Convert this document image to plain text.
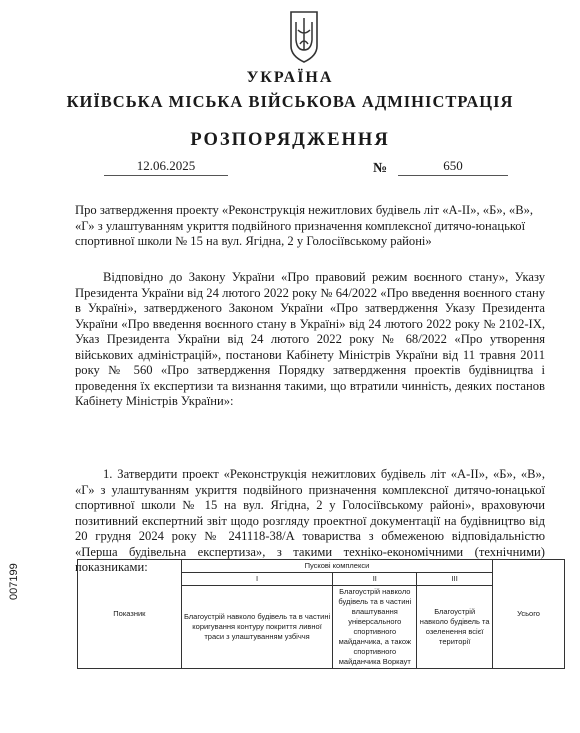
УКРАЇНА
КИЇВСЬКА МІСЬКА ВІЙСЬКОВА АДМІНІСТРАЦІЯ
РОЗПОРЯДЖЕННЯ
12.06.2025	№	650
Про затвердження проекту «Реконструкція нежитлових будівель літ «А-ІІ», «Б», «В», «Г» з улаштуванням укриття подвійного призначення комплексної дитячо-юнацької спортивної школи № 15 на вул. Ягідна, 2 у Голосіївському районі»
Відповідно до Закону України «Про правовий режим воєнного стану», Указу Президента України від 24 лютого 2022 року № 64/2022 «Про введення воєнного стану в Україні», затвердженого Законом України «Про затвердження Указу Президента України «Про введення воєнного стану в Україні» від 24 лютого 2022 року № 2102-IX, Указ Президента України від 24 лютого 2022 року № 68/2022 «Про утворення військових адміністрацій», постанови Кабінету Міністрів України від 11 травня 2011 року № 560 «Про затвердження Порядку затвердження проектів будівництва і проведення їх експертизи та визнання такими, що втратили чинність, деяких постанов Кабінету Міністрів України»:
1. Затвердити проект «Реконструкція нежитлових будівель літ «А-ІІ», «Б», «В», «Г» з улаштуванням укриття подвійного призначення комплексної дитячо-юнацької спортивної школи № 15 на вул. Ягідна, 2 у Голосіївському районі», враховуючи позитивний експертний звіт щодо розгляду проектної документації на будівництво від 20 грудня 2024 року № 241118-38/А товариства з обмеженою відповідальністю «Перша будівельна експертиза», з такими техніко-економічними (технічними) показниками:
007199
Показник	Пускові комплекси			Усього
	І	ІІ	ІІІ	
	Благоустрій навколо будівель та в частині коригування контуру покриття ливної траси з улаштуванням узбіччя	Благоустрій навколо будівель та в частині влаштування універсального спортивного майданчика, а також спортивного майданчика Воркаут	Благоустрій навколо будівель та озеленення всієї території	
